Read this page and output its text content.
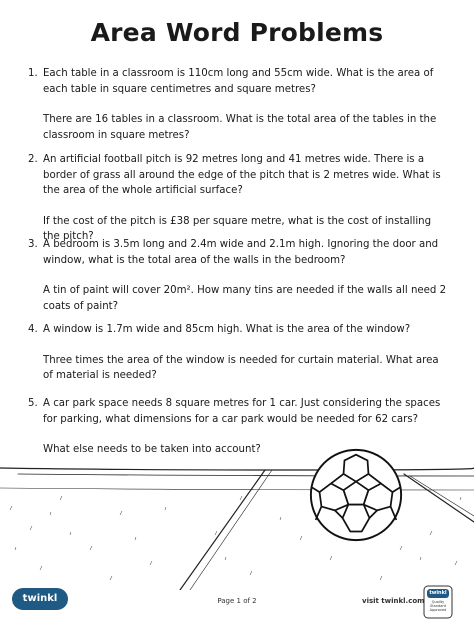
Area Word Problems
1. Each table in a classroom is 110cm long and 55cm wide. What is the area of each table in square centimetres and square metres?

There are 16 tables in a classroom. What is the total area of the tables in the classroom in square metres?

2. An artificial football pitch is 92 metres long and 41 metres wide. There is a border of grass all around the edge of the pitch that is 2 metres wide. What is the area of the whole artificial surface?

If the cost of the pitch is £38 per square metre, what is the cost of installing the pitch?

3. A bedroom is 3.5m long and 2.4m wide and 2.1m high. Ignoring the door and window, what is the total area of the walls in the bedroom?

A tin of paint will cover 20m². How many tins are needed if the walls all need 2 coats of paint?

4. A window is 1.7m wide and 85cm high. What is the area of the window?

Three times the area of the window is needed for curtain material. What area of material is needed?

5. A car park space needs 8 square metres for 1 car. Just considering the spaces for parking, what dimensions for a car park would be needed for 62 cars?

What else needs to be taken into account?

twinkl	Page 1 of 2	visit twinkl.com
twinkl
Quality Standard
Approved
